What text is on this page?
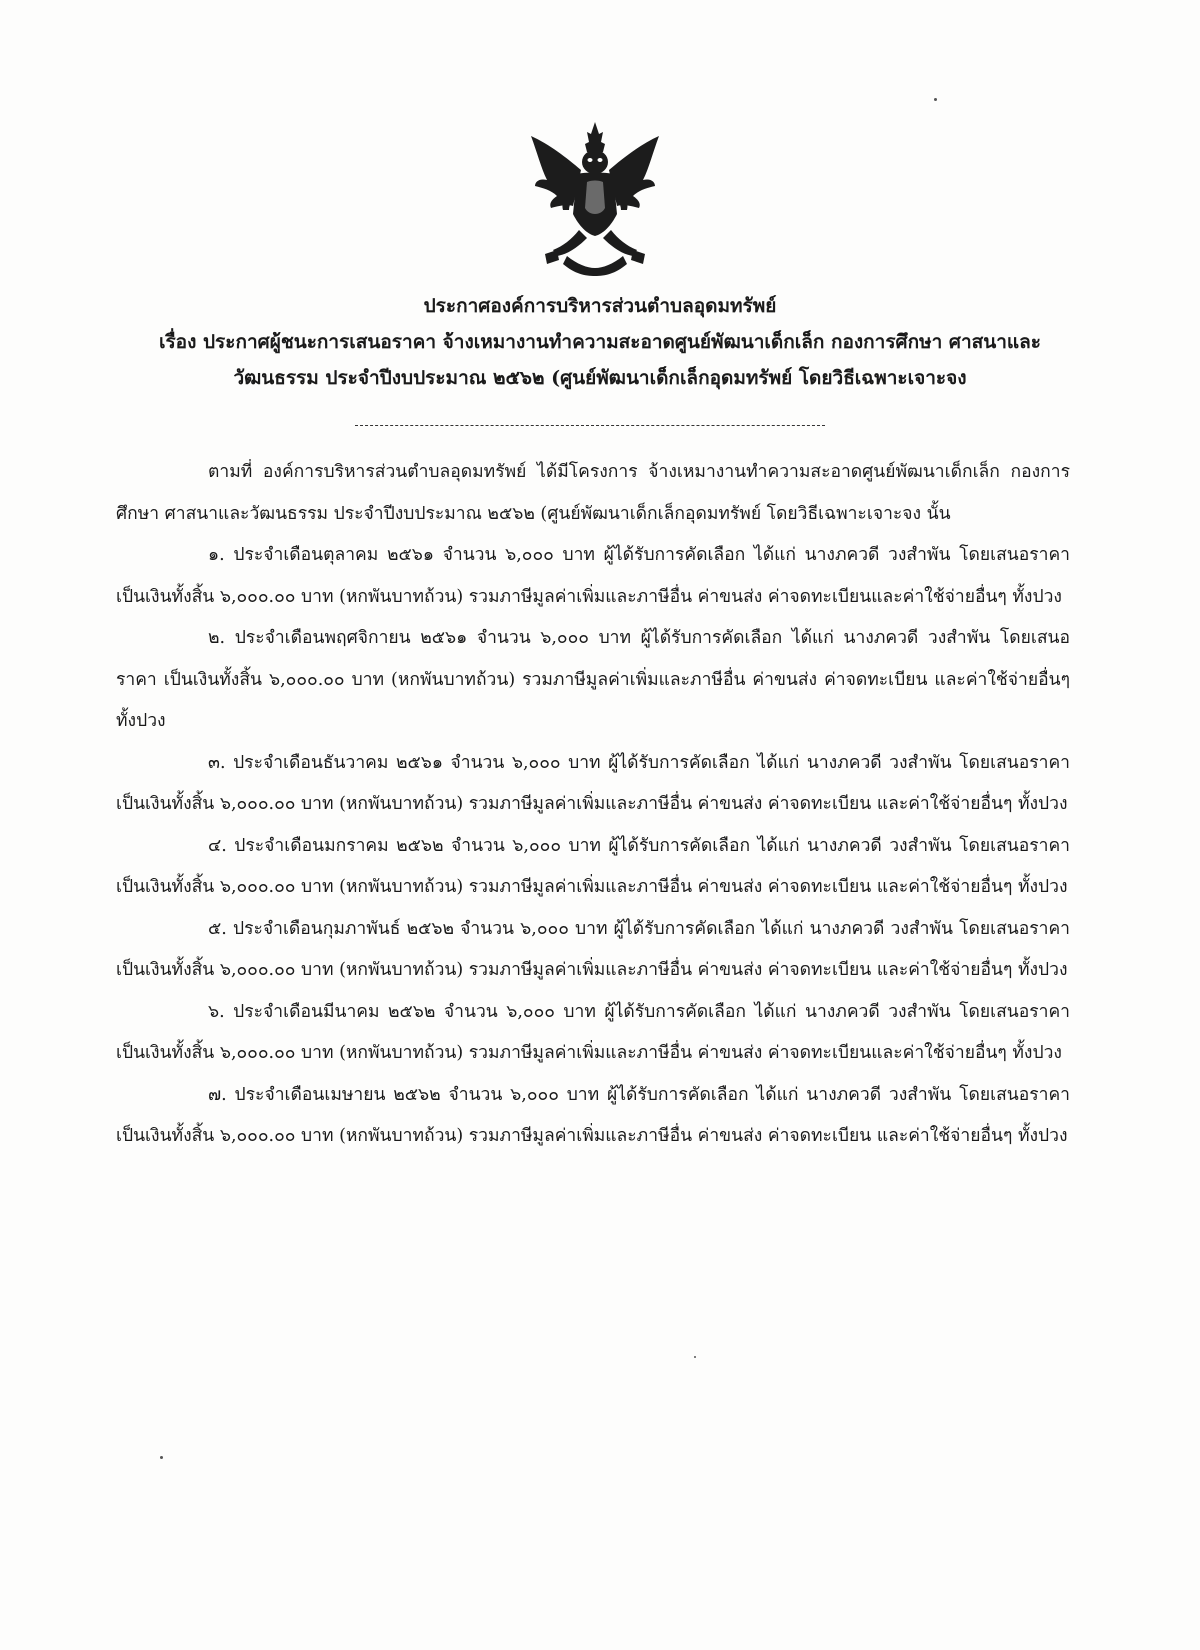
ประกาศองค์การบริหารส่วนตำบลอุดมทรัพย์
เรื่อง ประกาศผู้ชนะการเสนอราคา จ้างเหมางานทำความสะอาดศูนย์พัฒนาเด็กเล็ก กองการศึกษา ศาสนาและ
วัฒนธรรม ประจำปีงบประมาณ ๒๕๖๒ (ศูนย์พัฒนาเด็กเล็กอุดมทรัพย์ โดยวิธีเฉพาะเจาะจง

ตามที่ องค์การบริหารส่วนตำบลอุดมทรัพย์ ได้มีโครงการ จ้างเหมางานทำความสะอาดศูนย์พัฒนาเด็กเล็ก กองการศึกษา ศาสนาและวัฒนธรรม ประจำปีงบประมาณ ๒๕๖๒ (ศูนย์พัฒนาเด็กเล็กอุดมทรัพย์ โดยวิธีเฉพาะเจาะจง นั้น

๑. ประจำเดือนตุลาคม ๒๕๖๑ จำนวน ๖,๐๐๐ บาท ผู้ได้รับการคัดเลือก ได้แก่ นางภควดี วงสำพัน โดยเสนอราคา เป็นเงินทั้งสิ้น ๖,๐๐๐.๐๐ บาท (หกพันบาทถ้วน) รวมภาษีมูลค่าเพิ่มและภาษีอื่น ค่าขนส่ง ค่าจดทะเบียนและค่าใช้จ่ายอื่นๆ ทั้งปวง

๒. ประจำเดือนพฤศจิกายน ๒๕๖๑ จำนวน ๖,๐๐๐ บาท ผู้ได้รับการคัดเลือก ได้แก่ นางภควดี วงสำพัน โดยเสนอราคา เป็นเงินทั้งสิ้น ๖,๐๐๐.๐๐ บาท (หกพันบาทถ้วน) รวมภาษีมูลค่าเพิ่มและภาษีอื่น ค่าขนส่ง ค่าจดทะเบียน และค่าใช้จ่ายอื่นๆ ทั้งปวง

๓. ประจำเดือนธันวาคม ๒๕๖๑ จำนวน ๖,๐๐๐ บาท ผู้ได้รับการคัดเลือก ได้แก่ นางภควดี วงสำพัน โดยเสนอราคา เป็นเงินทั้งสิ้น ๖,๐๐๐.๐๐ บาท (หกพันบาทถ้วน) รวมภาษีมูลค่าเพิ่มและภาษีอื่น ค่าขนส่ง ค่าจดทะเบียน และค่าใช้จ่ายอื่นๆ ทั้งปวง

๔. ประจำเดือนมกราคม ๒๕๖๒ จำนวน ๖,๐๐๐ บาท ผู้ได้รับการคัดเลือก ได้แก่ นางภควดี วงสำพัน โดยเสนอราคา เป็นเงินทั้งสิ้น ๖,๐๐๐.๐๐ บาท (หกพันบาทถ้วน) รวมภาษีมูลค่าเพิ่มและภาษีอื่น ค่าขนส่ง ค่าจดทะเบียน และค่าใช้จ่ายอื่นๆ ทั้งปวง

๕. ประจำเดือนกุมภาพันธ์ ๒๕๖๒ จำนวน ๖,๐๐๐ บาท ผู้ได้รับการคัดเลือก ได้แก่ นางภควดี วงสำพัน โดยเสนอราคา เป็นเงินทั้งสิ้น ๖,๐๐๐.๐๐ บาท (หกพันบาทถ้วน) รวมภาษีมูลค่าเพิ่มและภาษีอื่น ค่าขนส่ง ค่าจดทะเบียน และค่าใช้จ่ายอื่นๆ ทั้งปวง

๖. ประจำเดือนมีนาคม ๒๕๖๒ จำนวน ๖,๐๐๐ บาท ผู้ได้รับการคัดเลือก ได้แก่ นางภควดี วงสำพัน โดยเสนอราคา เป็นเงินทั้งสิ้น ๖,๐๐๐.๐๐ บาท (หกพันบาทถ้วน) รวมภาษีมูลค่าเพิ่มและภาษีอื่น ค่าขนส่ง ค่าจดทะเบียนและค่าใช้จ่ายอื่นๆ ทั้งปวง

๗. ประจำเดือนเมษายน ๒๕๖๒ จำนวน ๖,๐๐๐ บาท ผู้ได้รับการคัดเลือก ได้แก่ นางภควดี วงสำพัน โดยเสนอราคา เป็นเงินทั้งสิ้น ๖,๐๐๐.๐๐ บาท (หกพันบาทถ้วน) รวมภาษีมูลค่าเพิ่มและภาษีอื่น ค่าขนส่ง ค่าจดทะเบียน และค่าใช้จ่ายอื่นๆ ทั้งปวง
